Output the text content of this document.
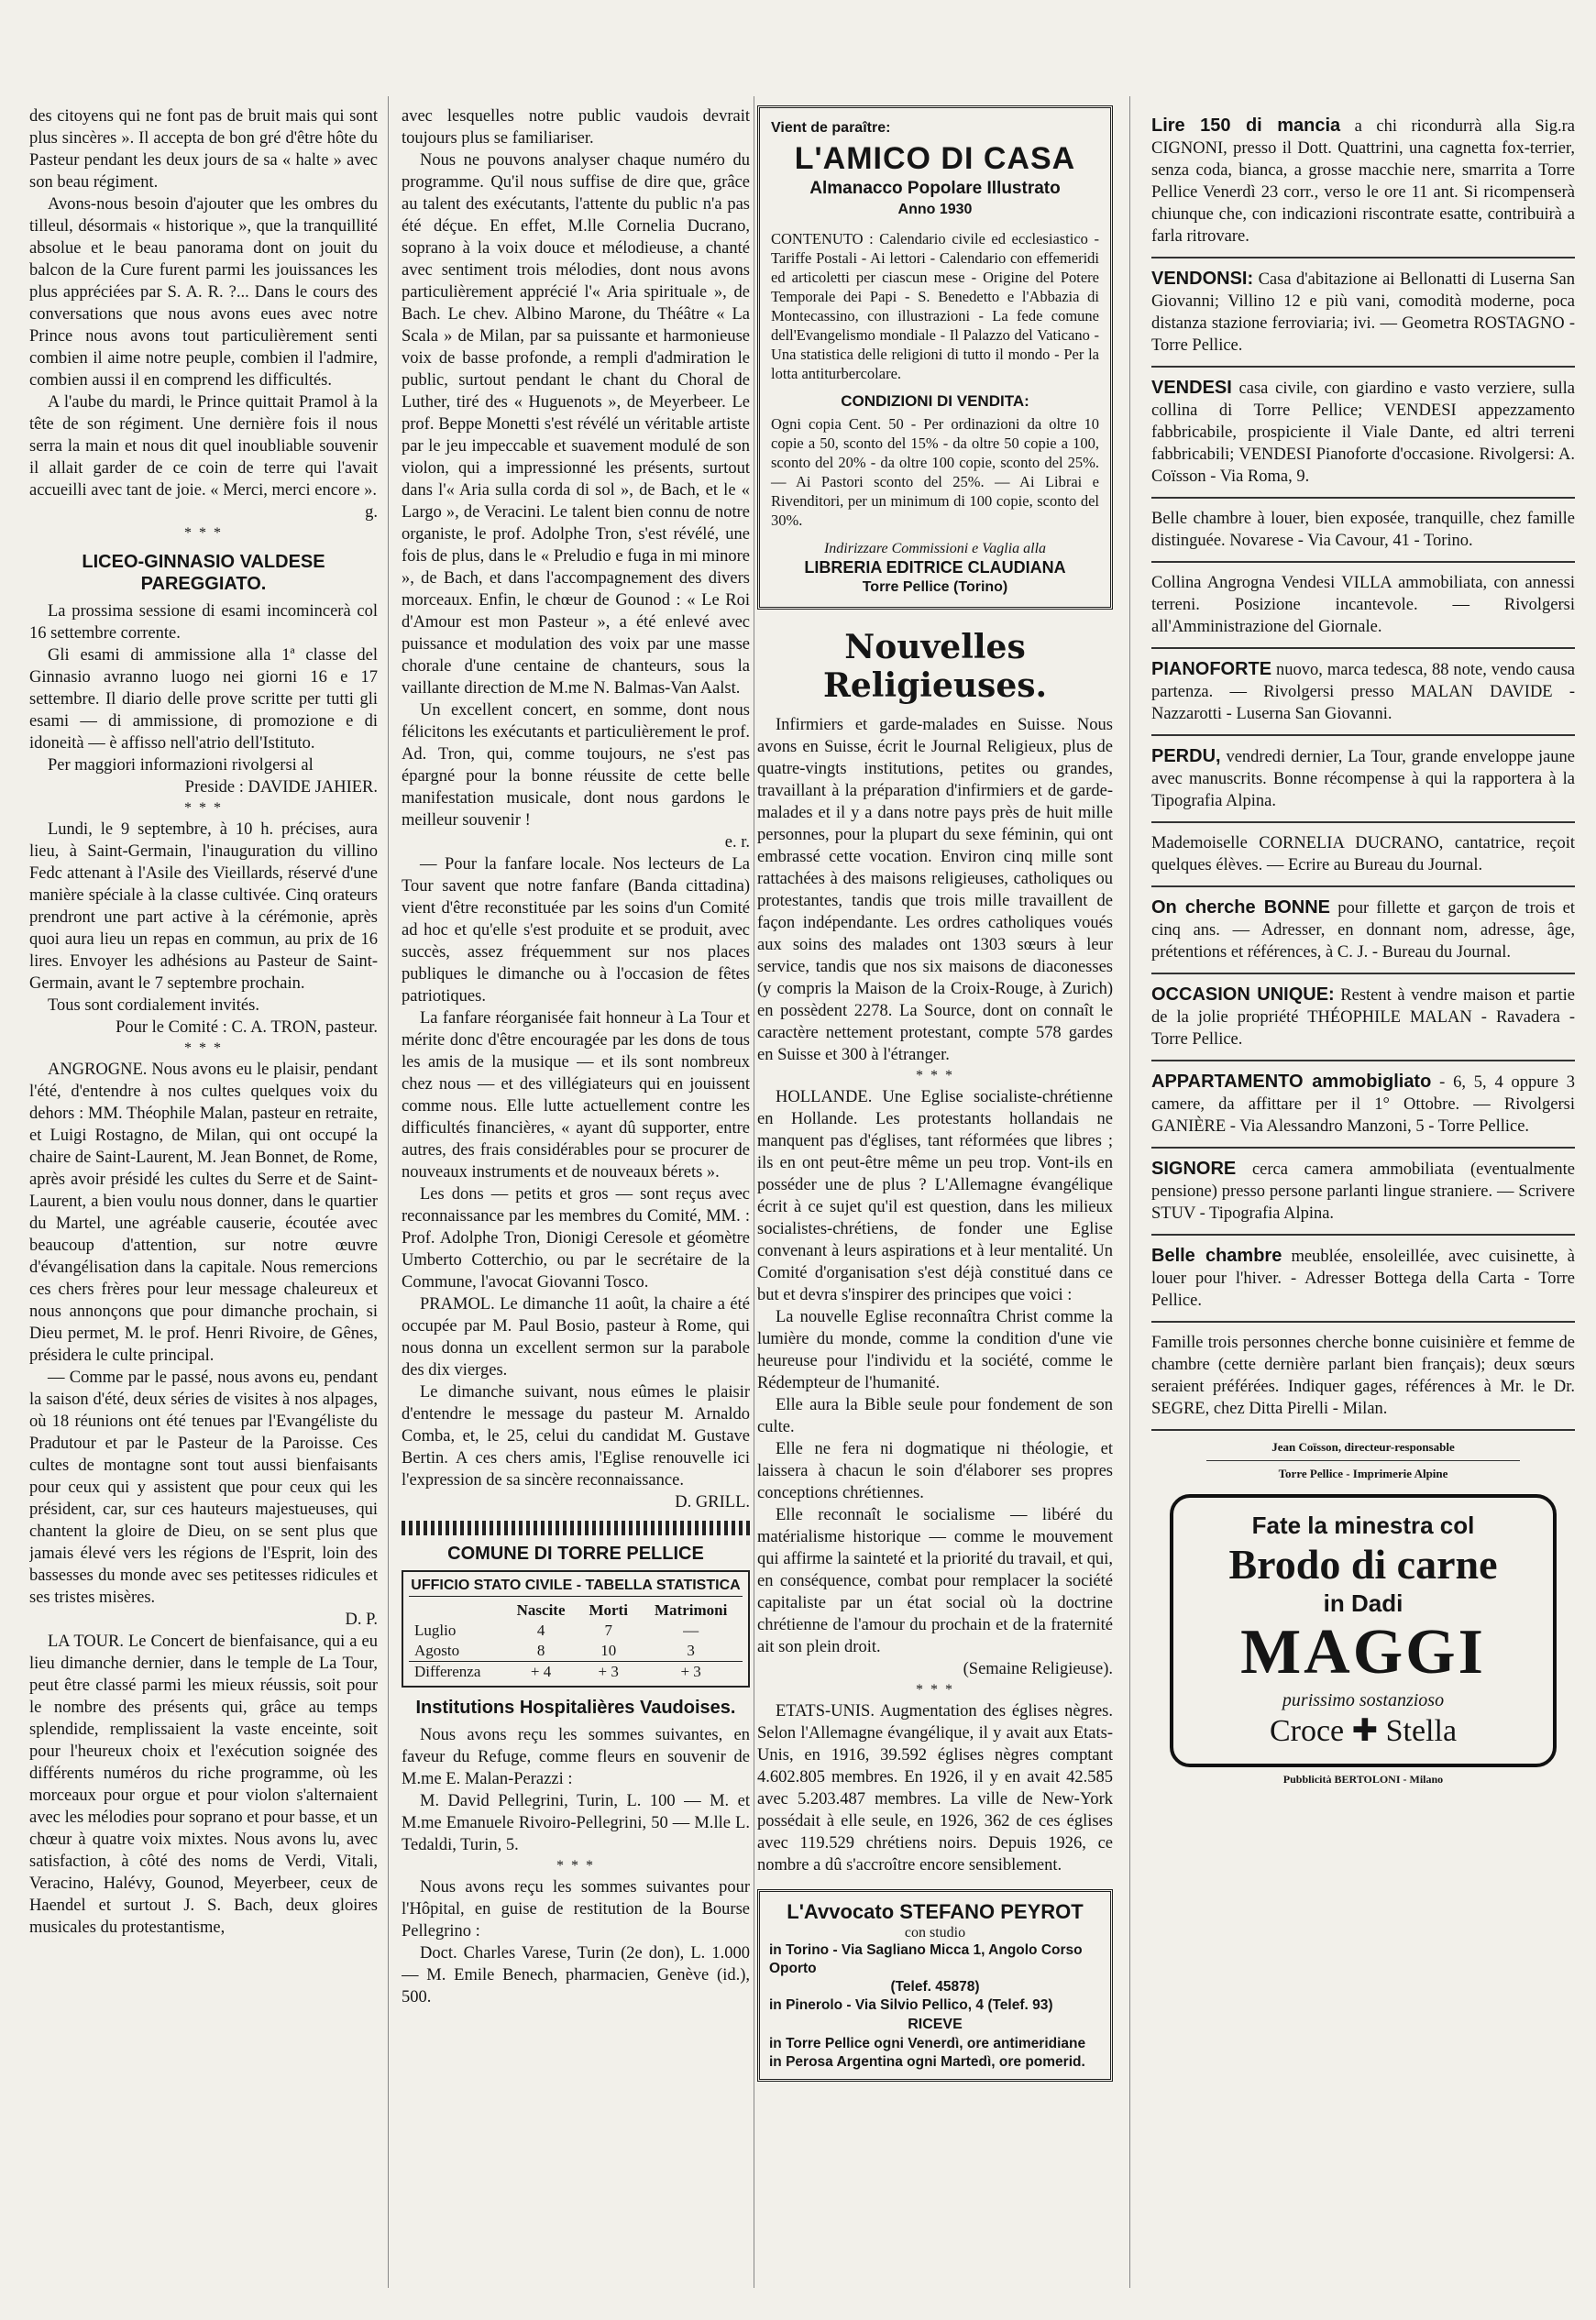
des citoyens qui ne font pas de bruit mais qui sont plus sincères ». Il accepta de bon gré d'être hôte du Pasteur pendant les deux jours de sa « halte » avec son beau régiment.

Avons-nous besoin d'ajouter que les ombres du tilleul, désormais « historique », que la tranquillité absolue et le beau panorama dont on jouit du balcon de la Cure furent parmi les jouissances les plus appréciées par S. A. R. ?... Dans le cours des conversations que nous avons eues avec notre Prince nous avons tout particulièrement senti combien il aime notre peuple, combien il l'admire, combien aussi il en comprend les difficultés.

A l'aube du mardi, le Prince quittait Pramol à la tête de son régiment. Une dernière fois il nous serra la main et nous dit quel inoubliable souvenir il allait garder de ce coin de terre qui l'avait accueilli avec tant de joie. « Merci, merci encore ».

g.
* * *
LICEO-GINNASIO VALDESE PAREGGIATO.

La prossima sessione di esami incomincerà col 16 settembre corrente.

Gli esami di ammissione alla 1ª classe del Ginnasio avranno luogo nei giorni 16 e 17 settembre. Il diario delle prove scritte per tutti gli esami — di ammissione, di promozione e di idoneità — è affisso nell'atrio dell'Istituto.

Per maggiori informazioni rivolgersi al

Preside : DAVIDE JAHIER.
* * *

Lundi, le 9 septembre, à 10 h. précises, aura lieu, à Saint-Germain, l'inauguration du villino Fedc attenant à l'Asile des Vieillards, réservé d'une manière spéciale à la classe cultivée. Cinq orateurs prendront une part active à la cérémonie, après quoi aura lieu un repas en commun, au prix de 16 lires. Envoyer les adhésions au Pasteur de Saint-Germain, avant le 7 septembre prochain.

Tous sont cordialement invités.

Pour le Comité : C. A. TRON, pasteur.
* * *

ANGROGNE. Nous avons eu le plaisir, pendant l'été, d'entendre à nos cultes quelques voix du dehors : MM. Théophile Malan, pasteur en retraite, et Luigi Rostagno, de Milan, qui ont occupé la chaire de Saint-Laurent, M. Jean Bonnet, de Rome, après avoir présidé les cultes du Serre et de Saint-Laurent, a bien voulu nous donner, dans le quartier du Martel, une agréable causerie, écoutée avec beaucoup d'attention, sur notre œuvre d'évangélisation dans la capitale. Nous remercions ces chers frères pour leur message chaleureux et nous annonçons que pour dimanche prochain, si Dieu permet, M. le prof. Henri Rivoire, de Gênes, présidera le culte principal.

— Comme par le passé, nous avons eu, pendant la saison d'été, deux séries de visites à nos alpages, où 18 réunions ont été tenues par l'Evangéliste du Pradutour et par le Pasteur de la Paroisse. Ces cultes de montagne sont tout aussi bienfaisants pour ceux qui y assistent que pour ceux qui les président, car, sur ces hauteurs majestueuses, qui chantent la gloire de Dieu, on se sent plus que jamais élevé vers les régions de l'Esprit, loin des bassesses du monde avec ses petitesses ridicules et ses tristes misères.

D. P.

LA TOUR. Le Concert de bienfaisance, qui a eu lieu dimanche dernier, dans le temple de La Tour, peut être classé parmi les mieux réussis, soit pour le nombre des présents qui, grâce au temps splendide, remplissaient la vaste enceinte, soit pour l'heureux choix et l'exécution soignée des différents numéros du riche programme, où les morceaux pour orgue et pour violon s'alternaient avec les mélodies pour soprano et pour basse, et un chœur à quatre voix mixtes. Nous avons lu, avec satisfaction, à côté des noms de Verdi, Vitali, Veracino, Halévy, Gounod, Meyerbeer, ceux de Haendel et surtout J. S. Bach, deux gloires musicales du protestantisme,

avec lesquelles notre public vaudois devrait toujours plus se familiariser.

Nous ne pouvons analyser chaque numéro du programme. Qu'il nous suffise de dire que, grâce au talent des exécutants, l'attente du public n'a pas été déçue. En effet, M.lle Cornelia Ducrano, soprano à la voix douce et mélodieuse, a chanté avec sentiment trois mélodies, dont nous avons particulièrement apprécié l'« Aria spirituale », de Bach. Le chev. Albino Marone, du Théâtre « La Scala » de Milan, par sa puissante et harmonieuse voix de basse profonde, a rempli d'admiration le public, surtout pendant le chant du Choral de Luther, tiré des « Huguenots », de Meyerbeer. Le prof. Beppe Monetti s'est révélé un véritable artiste par le jeu impeccable et suavement modulé de son violon, qui a impressionné les présents, surtout dans l'« Aria sulla corda di sol », de Bach, et le « Largo », de Veracini. Le talent bien connu de notre organiste, le prof. Adolphe Tron, s'est révélé, une fois de plus, dans le « Preludio e fuga in mi minore », de Bach, et dans l'accompagnement des divers morceaux. Enfin, le chœur de Gounod : « Le Roi d'Amour est mon Pasteur », a été enlevé avec puissance et modulation des voix par une masse chorale d'une centaine de chanteurs, sous la vaillante direction de M.me N. Balmas-Van Aalst.

Un excellent concert, en somme, dont nous félicitons les exécutants et particulièrement le prof. Ad. Tron, qui, comme toujours, ne s'est pas épargné pour la bonne réussite de cette belle manifestation musicale, dont nous gardons le meilleur souvenir !

e. r.

— Pour la fanfare locale. Nos lecteurs de La Tour savent que notre fanfare (Banda cittadina) vient d'être reconstituée par les soins d'un Comité ad hoc et qu'elle s'est produite et se produit, avec succès, assez fréquemment sur nos places publiques le dimanche ou à l'occasion de fêtes patriotiques.

La fanfare réorganisée fait honneur à La Tour et mérite donc d'être encouragée par les dons de tous les amis de la musique — et ils sont nombreux chez nous — et des villégiateurs qui en jouissent comme nous. Elle lutte actuellement contre les difficultés financières, « ayant dû supporter, entre autres, des frais considérables pour se procurer de nouveaux instruments et de nouveaux bérets ».

Les dons — petits et gros — sont reçus avec reconnaissance par les membres du Comité, MM. : Prof. Adolphe Tron, Dionigi Ceresole et géomètre Umberto Cotterchio, ou par le secrétaire de la Commune, l'avocat Giovanni Tosco.

PRAMOL. Le dimanche 11 août, la chaire a été occupée par M. Paul Bosio, pasteur à Rome, qui nous donna un excellent sermon sur la parabole des dix vierges.

Le dimanche suivant, nous eûmes le plaisir d'entendre le message du pasteur M. Arnaldo Comba, et, le 25, celui du candidat M. Gustave Bertin. A ces chers amis, l'Eglise renouvelle ici l'expression de sa sincère reconnaissance.

D. GRILL.
COMUNE DI TORRE PELLICE
UFFICIO STATO CIVILE - TABELLA STATISTICA
	Nascite	Morti	Matrimoni
Luglio	4	7	—
Agosto	8	10	3
Differenza	+ 4	+ 3	+ 3
Institutions Hospitalières Vaudoises.

Nous avons reçu les sommes suivantes, en faveur du Refuge, comme fleurs en souvenir de M.me E. Malan-Perazzi :

M. David Pellegrini, Turin, L. 100 — M. et M.me Emanuele Rivoiro-Pellegrini, 50 — M.lle L. Tedaldi, Turin, 5.

* * *

Nous avons reçu les sommes suivantes pour l'Hôpital, en guise de restitution de la Bourse Pellegrino :

Doct. Charles Varese, Turin (2e don), L. 1.000 — M. Emile Benech, pharmacien, Genève (id.), 500.

Vient de paraître:

L'AMICO DI CASA
Almanacco Popolare Illustrato
Anno 1930

CONTENUTO : Calendario civile ed ecclesiastico - Tariffe Postali - Ai lettori - Calendario con effemeridi ed articoletti per ciascun mese - Origine del Potere Temporale dei Papi - S. Benedetto e l'Abbazia di Montecassino, con illustrazioni - La fede comune dell'Evangelismo mondiale - Il Palazzo del Vaticano - Una statistica delle religioni di tutto il mondo - Per la lotta antiturbercolare.

CONDIZIONI DI VENDITA:

Ogni copia Cent. 50 - Per ordinazioni da oltre 10 copie a 50, sconto del 15% - da oltre 50 copie a 100, sconto del 20% - da oltre 100 copie, sconto del 25%. — Ai Pastori sconto del 25%. — Ai Librai e Rivenditori, per un minimum di 100 copie, sconto del 30%.

Indirizzare Commissioni e Vaglia alla
LIBRERIA EDITRICE CLAUDIANA
Torre Pellice (Torino)
Nouvelles Religieuses.

Infirmiers et garde-malades en Suisse. Nous avons en Suisse, écrit le Journal Religieux, plus de quatre-vingts institutions, petites ou grandes, travaillant à la préparation d'infirmiers et de garde-malades et il y a dans notre pays près de huit mille personnes, pour la plupart du sexe féminin, qui ont embrassé cette vocation. Environ cinq mille sont rattachées à des maisons religieuses, catholiques ou protestantes, tandis que trois mille travaillent de façon indépendante. Les ordres catholiques voués aux soins des malades ont 1303 sœurs à leur service, tandis que nos six maisons de diaconesses (y compris la Maison de la Croix-Rouge, à Zurich) en possèdent 2278. La Source, dont on connaît le caractère nettement protestant, compte 578 gardes en Suisse et 300 à l'étranger.

* * *

HOLLANDE. Une Eglise socialiste-chrétienne en Hollande. Les protestants hollandais ne manquent pas d'églises, tant réformées que libres ; ils en ont peut-être même un peu trop. Vont-ils en posséder une de plus ? L'Allemagne évangélique écrit à ce sujet qu'il est question, dans les milieux socialistes-chrétiens, de fonder une Eglise convenant à leurs aspirations et à leur mentalité. Un Comité d'organisation s'est déjà constitué dans ce but et devra s'inspirer des principes que voici :

La nouvelle Eglise reconnaîtra Christ comme la lumière du monde, comme la condition d'une vie heureuse pour l'individu et la société, comme le Rédempteur de l'humanité.

Elle aura la Bible seule pour fondement de son culte.

Elle ne fera ni dogmatique ni théologie, et laissera à chacun le soin d'élaborer ses propres conceptions chrétiennes.

Elle reconnaît le socialisme — libéré du matérialisme historique — comme le mouvement qui affirme la sainteté et la priorité du travail, et qui, en conséquence, combat pour remplacer la société capitaliste par un état social où la doctrine chrétienne de l'amour du prochain et de la fraternité ait son plein droit.

(Semaine Religieuse).
* * *

ETATS-UNIS. Augmentation des églises nègres. Selon l'Allemagne évangélique, il y avait aux Etats-Unis, en 1916, 39.592 églises nègres comptant 4.602.805 membres. En 1926, il y en avait 42.585 avec 5.203.487 membres. La ville de New-York possédait à elle seule, en 1926, 362 de ces églises avec 119.529 chrétiens noirs. Depuis 1926, ce nombre a dû s'accroître encore sensiblement.

L'Avvocato STEFANO PEYROT
con studio
in Torino - Via Sagliano Micca 1, Angolo Corso Oporto
(Telef. 45878)
in Pinerolo - Via Silvio Pellico, 4 (Telef. 93)
RICEVE
in Torre Pellice ogni Venerdì, ore antimeridiane
in Perosa Argentina ogni Martedì, ore pomerid.

Lire 150 di mancia a chi ricondurrà alla Sig.ra CIGNONI, presso il Dott. Quattrini, una cagnetta fox-terrier, senza coda, bianca, a grosse macchie nere, smarrita a Torre Pellice Venerdì 23 corr., verso le ore 11 ant. Si ricompenserà chiunque che, con indicazioni riscontrate esatte, contribuirà a farla ritrovare.

VENDONSI: Casa d'abitazione ai Bellonatti di Luserna San Giovanni; Villino 12 e più vani, comodità moderne, poca distanza stazione ferroviaria; ivi. — Geometra ROSTAGNO - Torre Pellice.

VENDESI casa civile, con giardino e vasto verziere, sulla collina di Torre Pellice; VENDESI appezzamento fabbricabile, prospiciente il Viale Dante, ed altri terreni fabbricabili; VENDESI Pianoforte d'occasione. Rivolgersi: A. Coïsson - Via Roma, 9.

Belle chambre à louer, bien exposée, tranquille, chez famille distinguée. Novarese - Via Cavour, 41 - Torino.

Collina Angrogna Vendesi VILLA ammobiliata, con annessi terreni. Posizione incantevole. — Rivolgersi all'Amministrazione del Giornale.

PIANOFORTE nuovo, marca tedesca, 88 note, vendo causa partenza. — Rivolgersi presso MALAN DAVIDE - Nazzarotti - Luserna San Giovanni.

PERDU, vendredi dernier, La Tour, grande enveloppe jaune avec manuscrits. Bonne récompense à qui la rapportera à la Tipografia Alpina.

Mademoiselle CORNELIA DUCRANO, cantatrice, reçoit quelques élèves. — Ecrire au Bureau du Journal.

On cherche BONNE pour fillette et garçon de trois et cinq ans. — Adresser, en donnant nom, adresse, âge, prétentions et références, à C. J. - Bureau du Journal.

OCCASION UNIQUE: Restent à vendre maison et partie de la jolie propriété THÉOPHILE MALAN - Ravadera - Torre Pellice.

APPARTAMENTO ammobigliato - 6, 5, 4 oppure 3 camere, da affittare per il 1° Ottobre. — Rivolgersi GANIÈRE - Via Alessandro Manzoni, 5 - Torre Pellice.

SIGNORE cerca camera ammobiliata (eventualmente pensione) presso persone parlanti lingue straniere. — Scrivere STUV - Tipografia Alpina.

Belle chambre meublée, ensoleillée, avec cuisinette, à louer pour l'hiver. - Adresser Bottega della Carta - Torre Pellice.

Famille trois personnes cherche bonne cuisinière et femme de chambre (cette dernière parlant bien français); deux sœurs seraient préférées. Indiquer gages, références à Mr. le Dr. SEGRE, chez Ditta Pirelli - Milan.

Jean Coïsson, directeur-responsable
Torre Pellice - Imprimerie Alpine
Fate la minestra col
Brodo di carne
in Dadi
MAGGI
purissimo sostanzioso
Croce ✚ Stella
Pubblicità BERTOLONI - Milano
